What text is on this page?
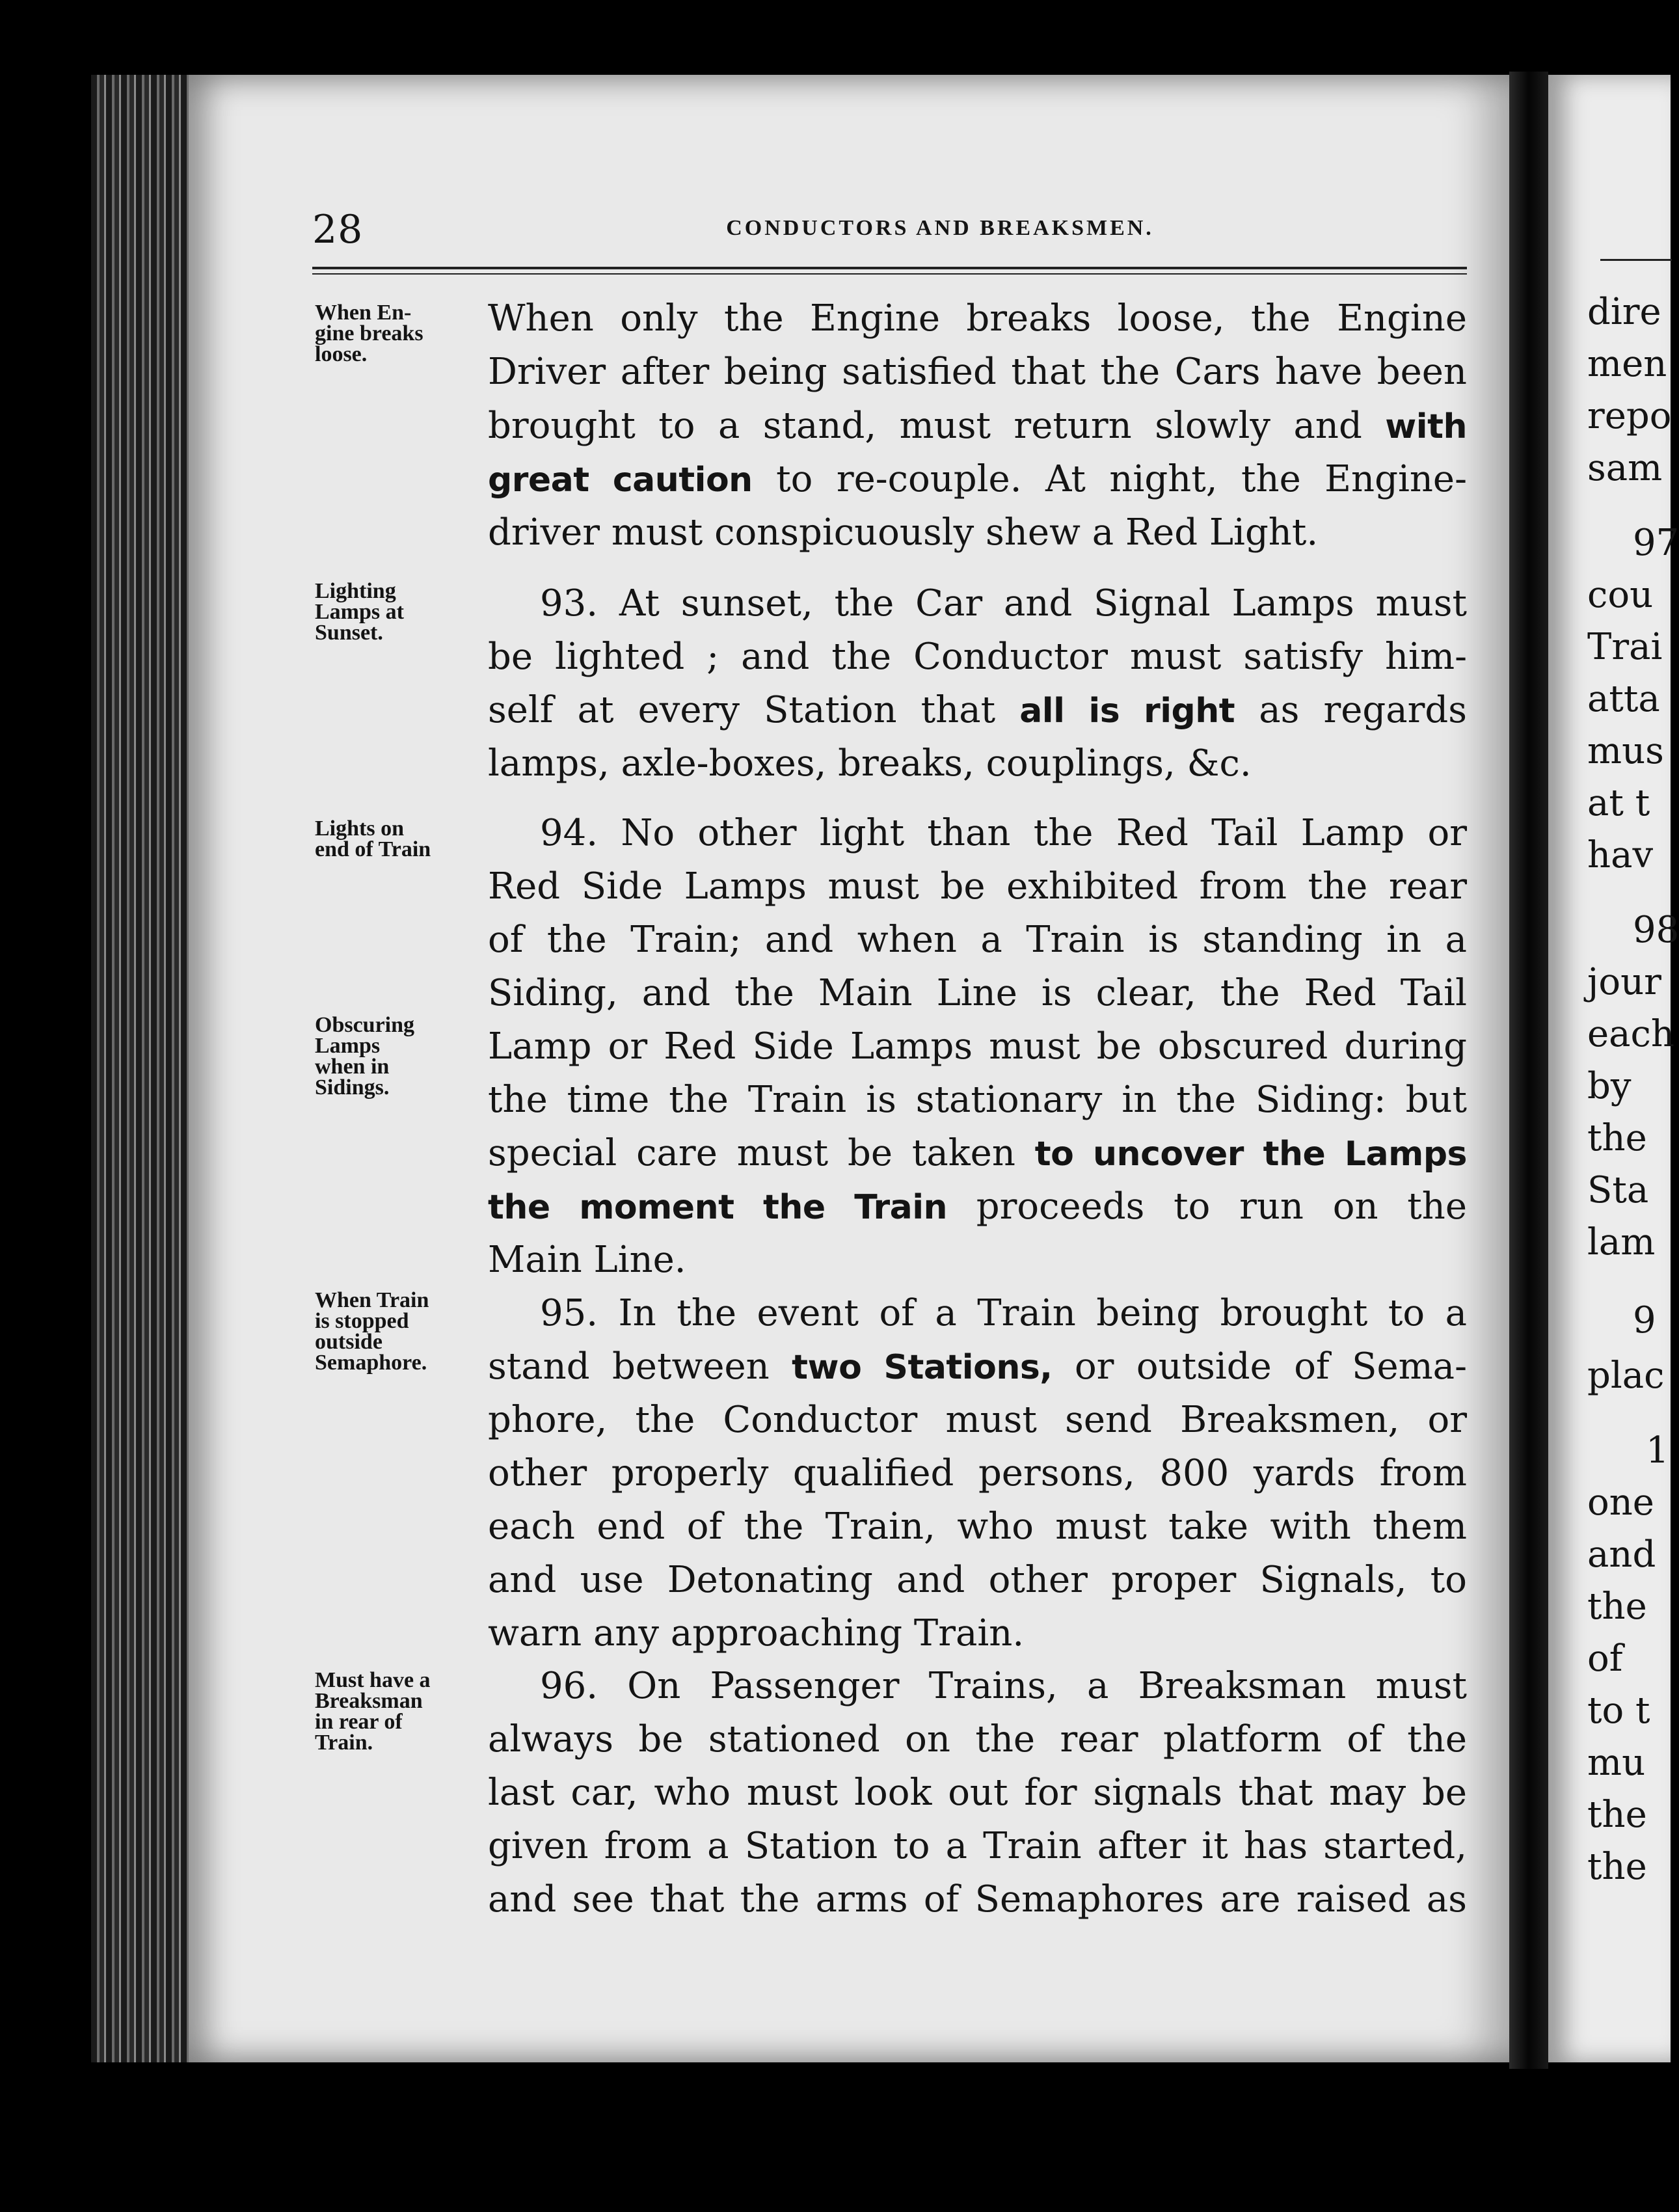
28	CONDUCTORS AND BREAKSMEN.
When En-
gine breaks
loose.
Lighting
Lamps at
Sunset.
Lights on
end of Train
Obscuring
Lamps
when in
Sidings.
When Train
is stopped
outside
Semaphore.
Must have a
Breaksman
in rear of
Train.
When only the Engine breaks loose, the Engine
Driver after being satisfied that the Cars have been
brought to a stand, must return slowly and with
great caution to re-couple. At night, the Engine-
driver must conspicuously shew a Red Light.
93. At sunset, the Car and Signal Lamps must
be lighted ; and the Conductor must satisfy him-
self at every Station that all is right as regards
lamps, axle-boxes, breaks, couplings, &c.
94. No other light than the Red Tail Lamp or
Red Side Lamps must be exhibited from the rear
of the Train; and when a Train is standing in a
Siding, and the Main Line is clear, the Red Tail
Lamp or Red Side Lamps must be obscured during
the time the Train is stationary in the Siding: but
special care must be taken to uncover the Lamps
the moment the Train proceeds to run on the
Main Line.
95. In the event of a Train being brought to a
stand between two Stations, or outside of Sema-
phore, the Conductor must send Breaksmen, or
other properly qualified persons, 800 yards from
each end of the Train, who must take with them
and use Detonating and other proper Signals, to
warn any approaching Train.
96. On Passenger Trains, a Breaksman must
always be stationed on the rear platform of the
last car, who must look out for signals that may be
given from a Station to a Train after it has started,
and see that the arms of Semaphores are raised as
dire
men
repo
sam
97
cou
Trai
atta
mus
at t
hav
98
jour
each
by
the
Sta
lam
9
plac
1
one
and
the
of
to t
mu
the
the
